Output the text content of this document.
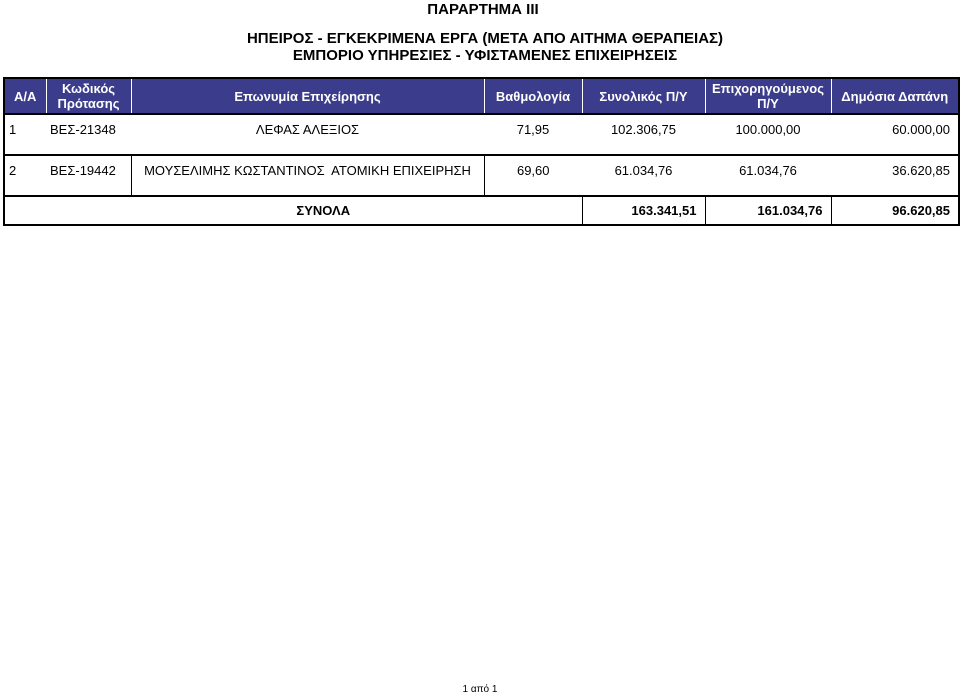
ΠΑΡΑΡΤΗΜΑ III
ΗΠΕΙΡΟΣ - ΕΓΚΕΚΡΙΜΕΝΑ ΕΡΓΑ (ΜΕΤΑ ΑΠΟ ΑΙΤΗΜΑ ΘΕΡΑΠΕΙΑΣ)
ΕΜΠΟΡΙΟ ΥΠΗΡΕΣΙΕΣ - ΥΦΙΣΤΑΜΕΝΕΣ ΕΠΙΧΕΙΡΗΣΕΙΣ
Α/Α	Κωδικός Πρότασης	Επωνυμία Επιχείρησης	Βαθμολογία	Συνολικός Π/Υ	Επιχορηγούμενος Π/Υ	Δημόσια Δαπάνη
1	ΒΕΣ-21348	ΛΕΦΑΣ ΑΛΕΞΙΟΣ	71,95	102.306,75	100.000,00	60.000,00
2	ΒΕΣ-19442	ΜΟΥΣΕΛΙΜΗΣ ΚΩΣΤΑΝΤΙΝΟΣ  ΑΤΟΜΙΚΗ ΕΠΙΧΕΙΡΗΣΗ	69,60	61.034,76	61.034,76	36.620,85
ΣΥΝΟΛΑ				163.341,51	161.034,76	96.620,85
1 από 1
